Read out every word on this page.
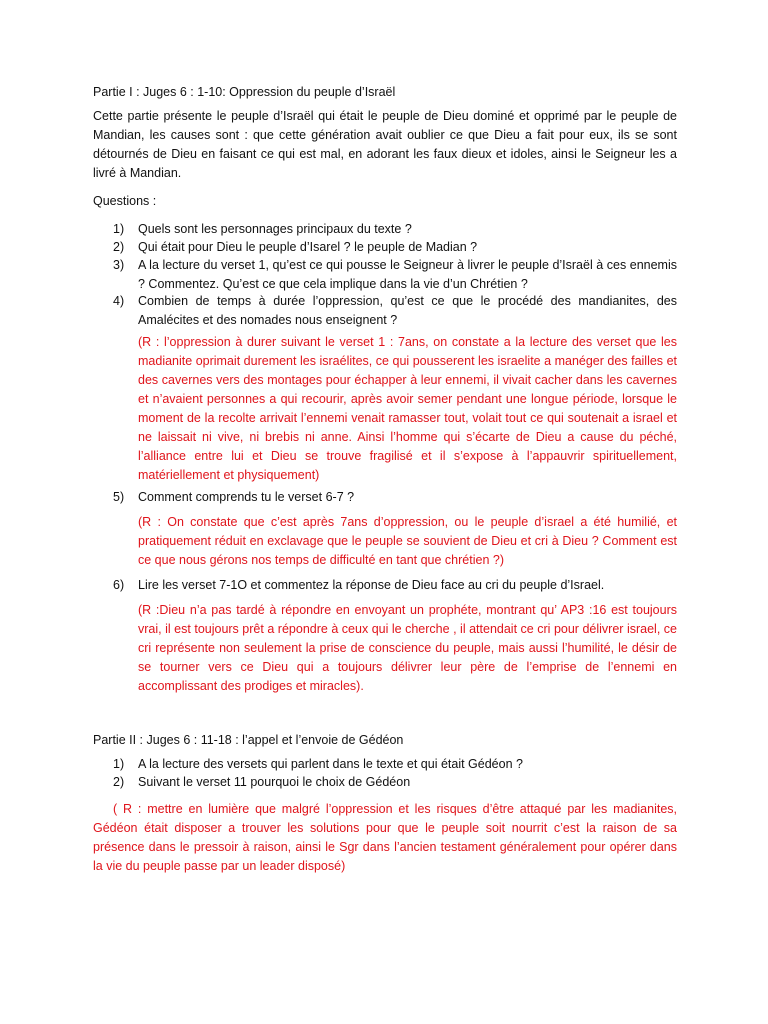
Partie I : Juges 6 : 1-10: Oppression du peuple d’Israël
Cette partie présente le peuple d’Israël qui était le peuple de Dieu dominé et opprimé par le peuple de Mandian, les causes sont : que cette génération avait oublier ce que Dieu a fait pour eux, ils se sont détournés de Dieu en faisant ce qui est mal, en adorant les faux dieux et idoles, ainsi le Seigneur les a livré à Mandian.
Questions :
1)	Quels sont les personnages principaux du texte ?
2)	Qui était pour Dieu le peuple d’Isarel ? le peuple de Madian ?
3)	A la lecture du verset 1, qu’est ce qui pousse le Seigneur à livrer le peuple d’Israël à ces ennemis ? Commentez. Qu’est ce que cela implique dans la vie d’un Chrétien ?
4)	Combien de temps à durée l’oppression, qu’est ce que le procédé des mandianites, des Amalécites et des nomades nous enseignent ?
(R : l’oppression à durer suivant le verset 1 : 7ans, on constate a la lecture des verset que les madianite oprimait durement les israélites, ce qui pousserent les israelite a manéger des failles et des cavernes vers des montages pour échapper à leur ennemi, il vivait cacher dans les cavernes et n’avaient personnes a qui recourir, après avoir semer pendant une longue période, lorsque le moment de la recolte arrivait l’ennemi venait ramasser tout, volait tout ce qui soutenait a israel et ne laissait ni vive, ni brebis ni anne. Ainsi l’homme qui s’écarte de Dieu a cause du péché, l’alliance entre lui et Dieu se trouve fragilisé et il s’expose à l’appauvrir spirituellement, matériellement et physiquement)
5)	Comment comprends tu le verset 6-7 ?
(R : On constate que c’est après 7ans d’oppression, ou le peuple d’israel a été humilié, et pratiquement réduit en exclavage que le peuple se souvient de Dieu et cri à Dieu ? Comment est ce que nous gérons nos temps de difficulté en tant que chrétien ?)
6)	Lire les verset 7-1O et commentez la réponse de Dieu face au cri du peuple d’Israel.
(R :Dieu n’a pas tardé à répondre en envoyant un prophéte, montrant qu’ AP3 :16 est toujours vrai, il est toujours prêt a répondre à ceux qui le cherche , il attendait ce cri pour délivrer israel, ce cri représente non seulement la prise de conscience du peuple, mais aussi l’humilité, le désir de se tourner vers ce Dieu qui a toujours délivrer leur père de l’emprise de l’ennemi en accomplissant des prodiges et miracles).
Partie II : Juges 6 : 11-18 : l’appel et l’envoie de Gédéon
1)	A la lecture des versets qui parlent dans le texte et qui était Gédéon ?
2)	Suivant le verset 11 pourquoi le choix de Gédéon
( R : mettre en lumière que malgré l’oppression et les risques d’être attaqué par les madianites, Gédéon était disposer a trouver les solutions pour que le peuple soit nourrit c’est la raison de sa présence dans le pressoir à raison, ainsi le Sgr dans l’ancien testament généralement pour opérer dans la vie du peuple passe par un leader disposé)
